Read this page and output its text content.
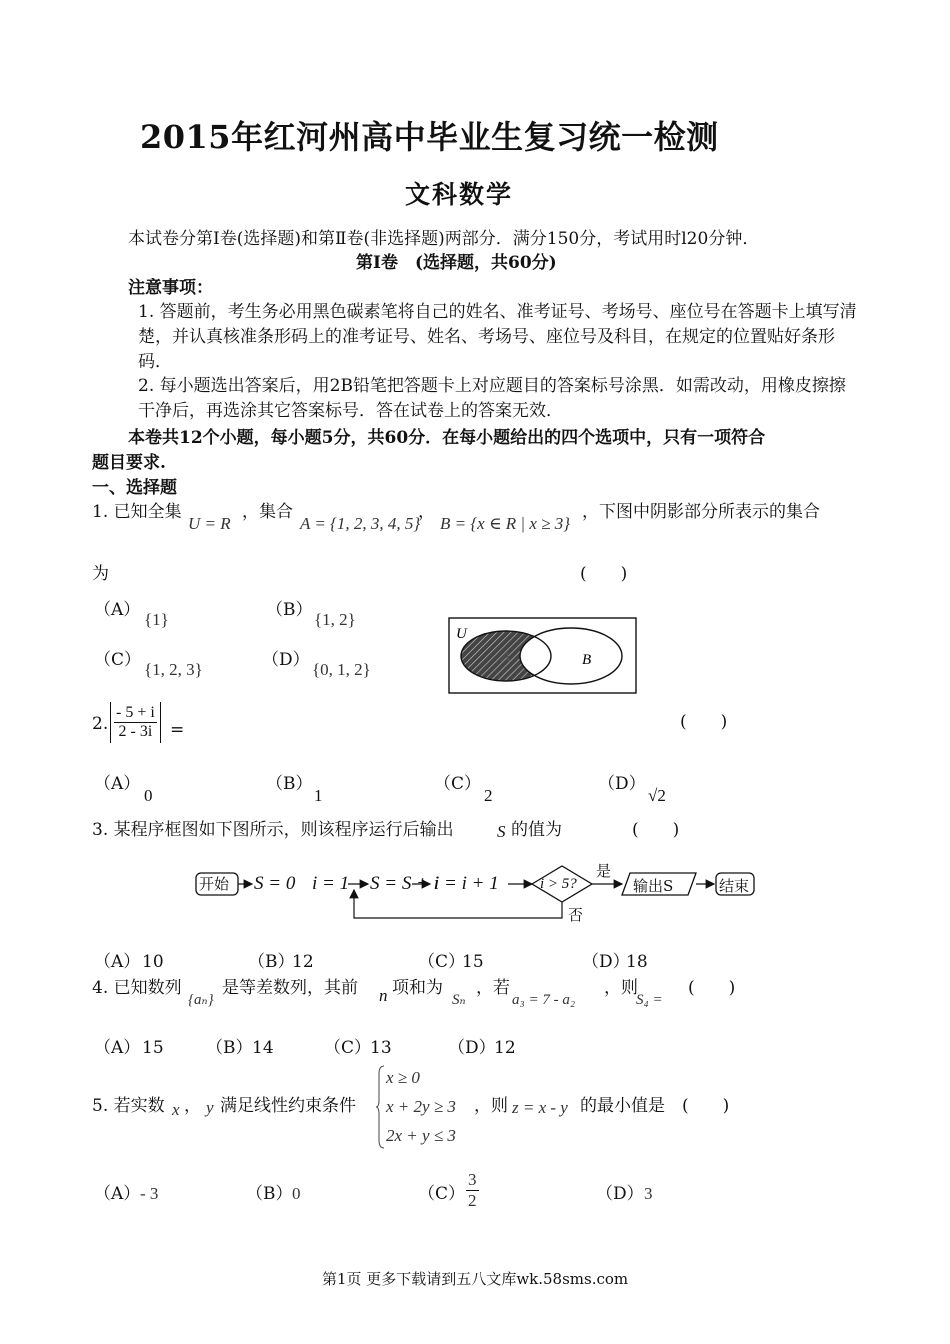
2015年红河州高中毕业生复习统一检测
文科数学
本试卷分第Ⅰ卷(选择题)和第Ⅱ卷(非选择题)两部分．满分150分，考试用时l20分钟．
第Ⅰ卷　(选择题，共60分)
注意事项：
1. 答题前，考生务必用黑色碳素笔将自己的姓名、准考证号、考场号、座位号在答题卡上填写清楚，并认真核准条形码上的准考证号、姓名、考场号、座位号及科目，在规定的位置贴好条形码．
2. 每小题选出答案后，用2B铅笔把答题卡上对应题目的答案标号涂黑．如需改动，用橡皮擦擦干净后，再选涂其它答案标号．答在试卷上的答案无效．
本卷共12个小题，每小题5分，共60分．在每小题给出的四个选项中，只有一项符合
题目要求.
一、选择题
1. 已知全集
U = R
，集合
A = {1, 2, 3, 4, 5}
，
B = {x ∈ R | x ≥ 3}
，下图中阴影部分所表示的集合
为	(　　)
（A） {1}	（B） {1, 2}
（C） {1, 2, 3}	（D） {0, 1, 2}
U
A	B
2. $\frac{- 5 + i}{2 - 3i}$ =	(　　)
（A）
0
（B）
1
（C）
2
（D）
√2
3. 某程序框图如下图所示，则该程序运行后输出	S 的值为	(　　)
开始 S = 0 i = 1 S = S + i
i = i + 1	i > 5?
是
否
输出S	结束
（A） 10	（B）
12	（C）
15	（D）
18
4. 已知数列
{aₙ}
是等差数列，其前 n 项和为
Sₙ
，若
a₃ = 7 - a₂
，则
S₄ =
(　　)
（A） 15 （B） 14	（C）
13	（D）
12
5. 若实数 x ， y 满足线性约束条件
x ≥ 0
x + 2y ≥ 3
2x + y ≤ 3
，则 z = x - y 的最小值是 (　　)
（A） - 3	（B） 0	$(C) \frac{3}{2}$	（D） 3
第1页 更多下载请到五八文库wk.58sms.com
